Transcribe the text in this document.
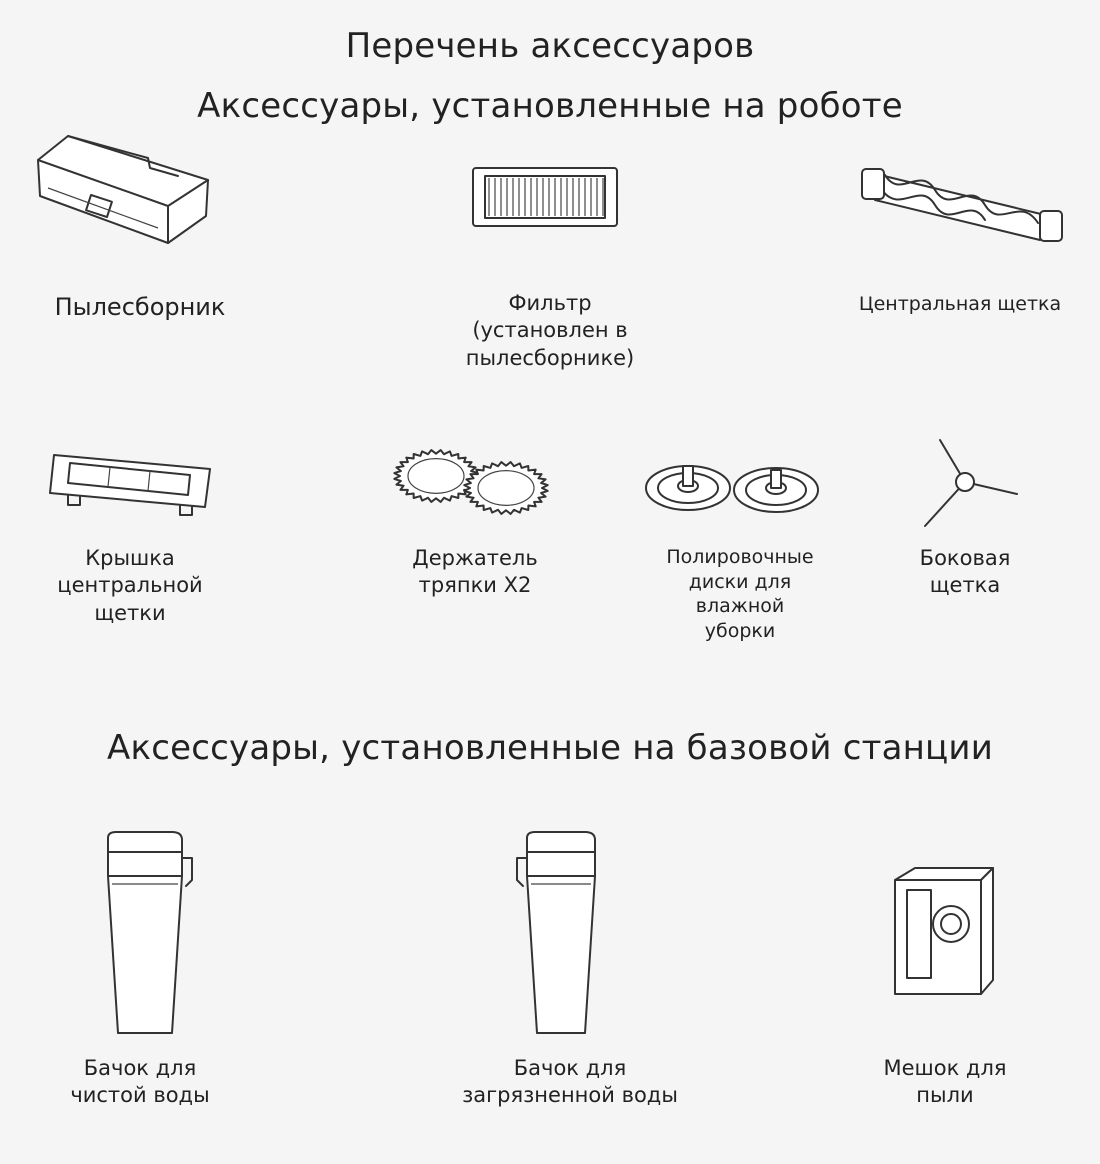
Перечень аксессуаров
Аксессуары, установленные на роботе
Пылесборник	Фильтр
(установлен в
пылесборнике)
Центральная щетка
Крышка
центральной
щетки
Держатель
тряпки X2
Полировочные
диски для
влажной
уборки
Боковая
щетка
Аксессуары, установленные на базовой станции
Бачок для
чистой воды
Бачок для
загрязненной воды
Мешок для
пыли
